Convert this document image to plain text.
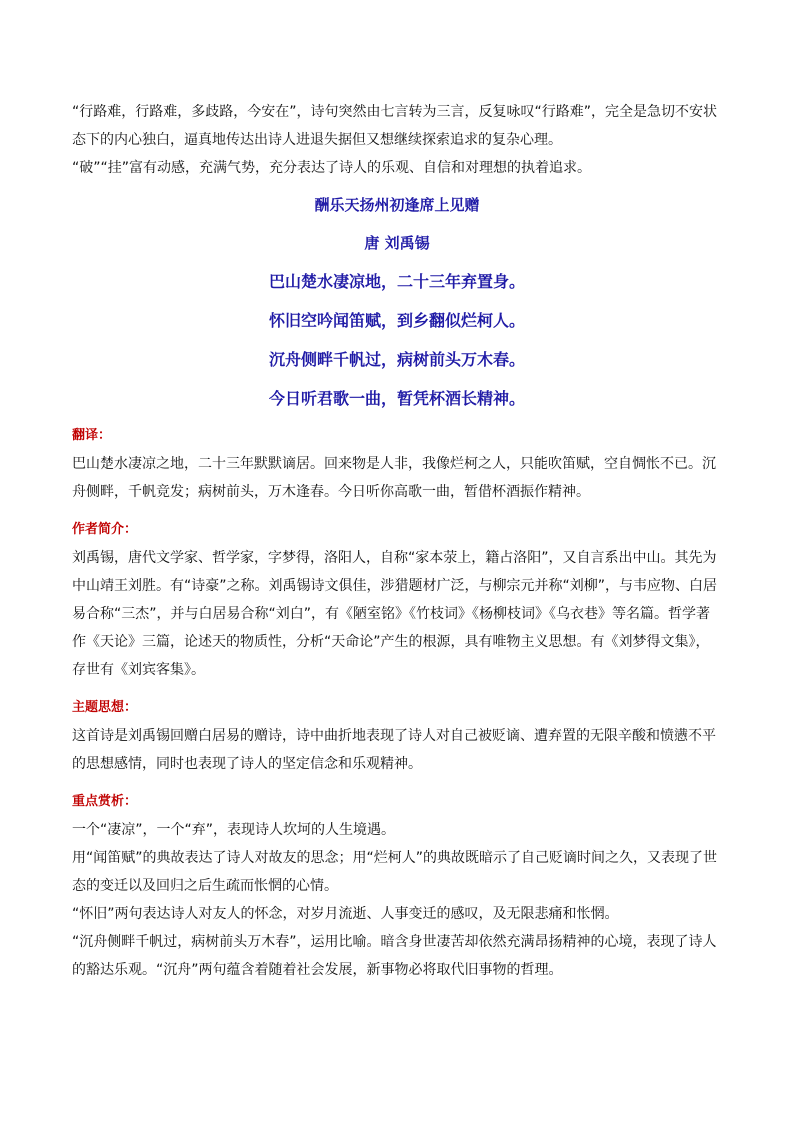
“行路难，行路难，多歧路，今安在”，诗句突然由七言转为三言，反复咏叹“行路难”，完全是急切不安状态下的内心独白，逼真地传达出诗人进退失据但又想继续探索追求的复杂心理。

“破”“挂”富有动感，充满气势，充分表达了诗人的乐观、自信和对理想的执着追求。

酬乐天扬州初逢席上见赠
唐 刘禹锡
巴山楚水凄凉地，二十三年弃置身。
怀旧空吟闻笛赋，到乡翻似烂柯人。
沉舟侧畔千帆过，病树前头万木春。
今日听君歌一曲，暂凭杯酒长精神。
翻译：

巴山楚水凄凉之地，二十三年默默谪居。回来物是人非，我像烂柯之人，只能吹笛赋，空自惆怅不已。沉舟侧畔，千帆竞发；病树前头，万木逢春。今日听你高歌一曲，暂借杯酒振作精神。

作者简介：

刘禹锡，唐代文学家、哲学家，字梦得，洛阳人，自称“家本荥上，籍占洛阳”，又自言系出中山。其先为中山靖王刘胜。有“诗豪”之称。刘禹锡诗文俱佳，涉猎题材广泛，与柳宗元并称“刘柳”，与韦应物、白居易合称“三杰”，并与白居易合称“刘白”，有《陋室铭》《竹枝词》《杨柳枝词》《乌衣巷》等名篇。哲学著作《天论》三篇，论述天的物质性，分析“天命论”产生的根源，具有唯物主义思想。有《刘梦得文集》，存世有《刘宾客集》。

主题思想：

这首诗是刘禹锡回赠白居易的赠诗，诗中曲折地表现了诗人对自己被贬谪、遭弃置的无限辛酸和愤懑不平的思想感情，同时也表现了诗人的坚定信念和乐观精神。

重点赏析：

一个“凄凉”，一个“弃”，表现诗人坎坷的人生境遇。

用“闻笛赋”的典故表达了诗人对故友的思念；用“烂柯人”的典故既暗示了自己贬谪时间之久，又表现了世态的变迁以及回归之后生疏而怅惘的心情。

“怀旧”两句表达诗人对友人的怀念，对岁月流逝、人事变迁的感叹，及无限悲痛和怅惘。

“沉舟侧畔千帆过，病树前头万木春”，运用比喻。暗含身世凄苦却依然充满昂扬精神的心境，表现了诗人的豁达乐观。“沉舟”两句蕴含着随着社会发展，新事物必将取代旧事物的哲理。
